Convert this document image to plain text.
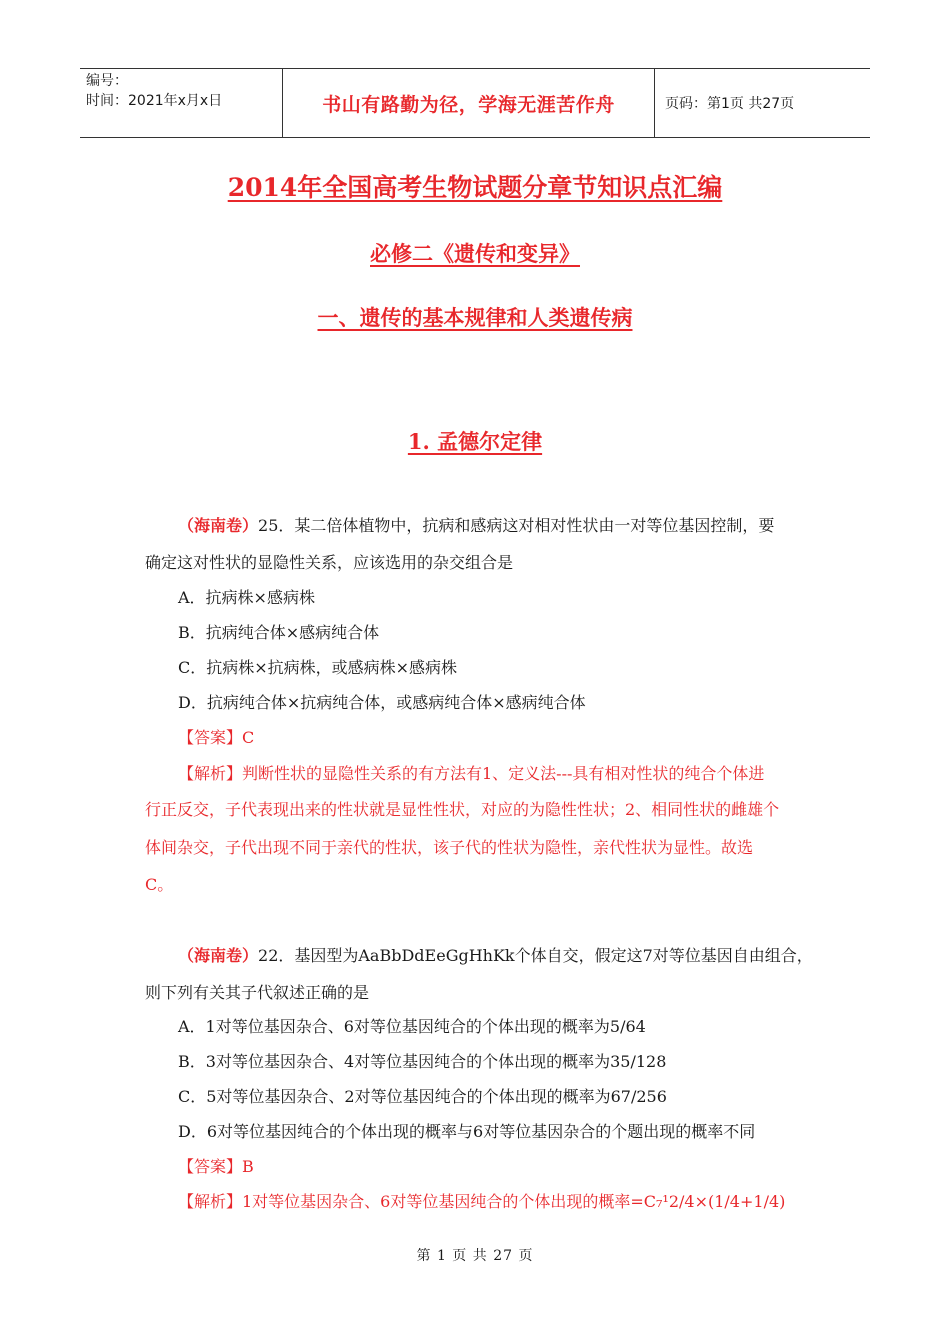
编号：
时间：2021年x月x日	书山有路勤为径，学海无涯苦作舟	页码：第1页 共27页
2014年全国高考生物试题分章节知识点汇编
必修二《遗传和变异》
一、遗传的基本规律和人类遗传病
1. 孟德尔定律
（海南卷）25．某二倍体植物中，抗病和感病这对相对性状由一对等位基因控制，要
确定这对性状的显隐性关系，应该选用的杂交组合是
A．抗病株×感病株
B．抗病纯合体×感病纯合体
C．抗病株×抗病株，或感病株×感病株
D．抗病纯合体×抗病纯合体，或感病纯合体×感病纯合体
【答案】C
【解析】判断性状的显隐性关系的有方法有1、定义法---具有相对性状的纯合个体进
行正反交，子代表现出来的性状就是显性性状，对应的为隐性性状；2、相同性状的雌雄个
体间杂交，子代出现不同于亲代的性状，该子代的性状为隐性，亲代性状为显性。故选
C。
（海南卷）22．基因型为AaBbDdEeGgHhKk个体自交，假定这7对等位基因自由组合，
则下列有关其子代叙述正确的是
A．1对等位基因杂合、6对等位基因纯合的个体出现的概率为5/64
B．3对等位基因杂合、4对等位基因纯合的个体出现的概率为35/128
C．5对等位基因杂合、2对等位基因纯合的个体出现的概率为67/256
D．6对等位基因纯合的个体出现的概率与6对等位基因杂合的个题出现的概率不同
【答案】B
【解析】1对等位基因杂合、6对等位基因纯合的个体出现的概率=C₇¹2/4×(1/4+1/4)
第 1 页 共 27 页
